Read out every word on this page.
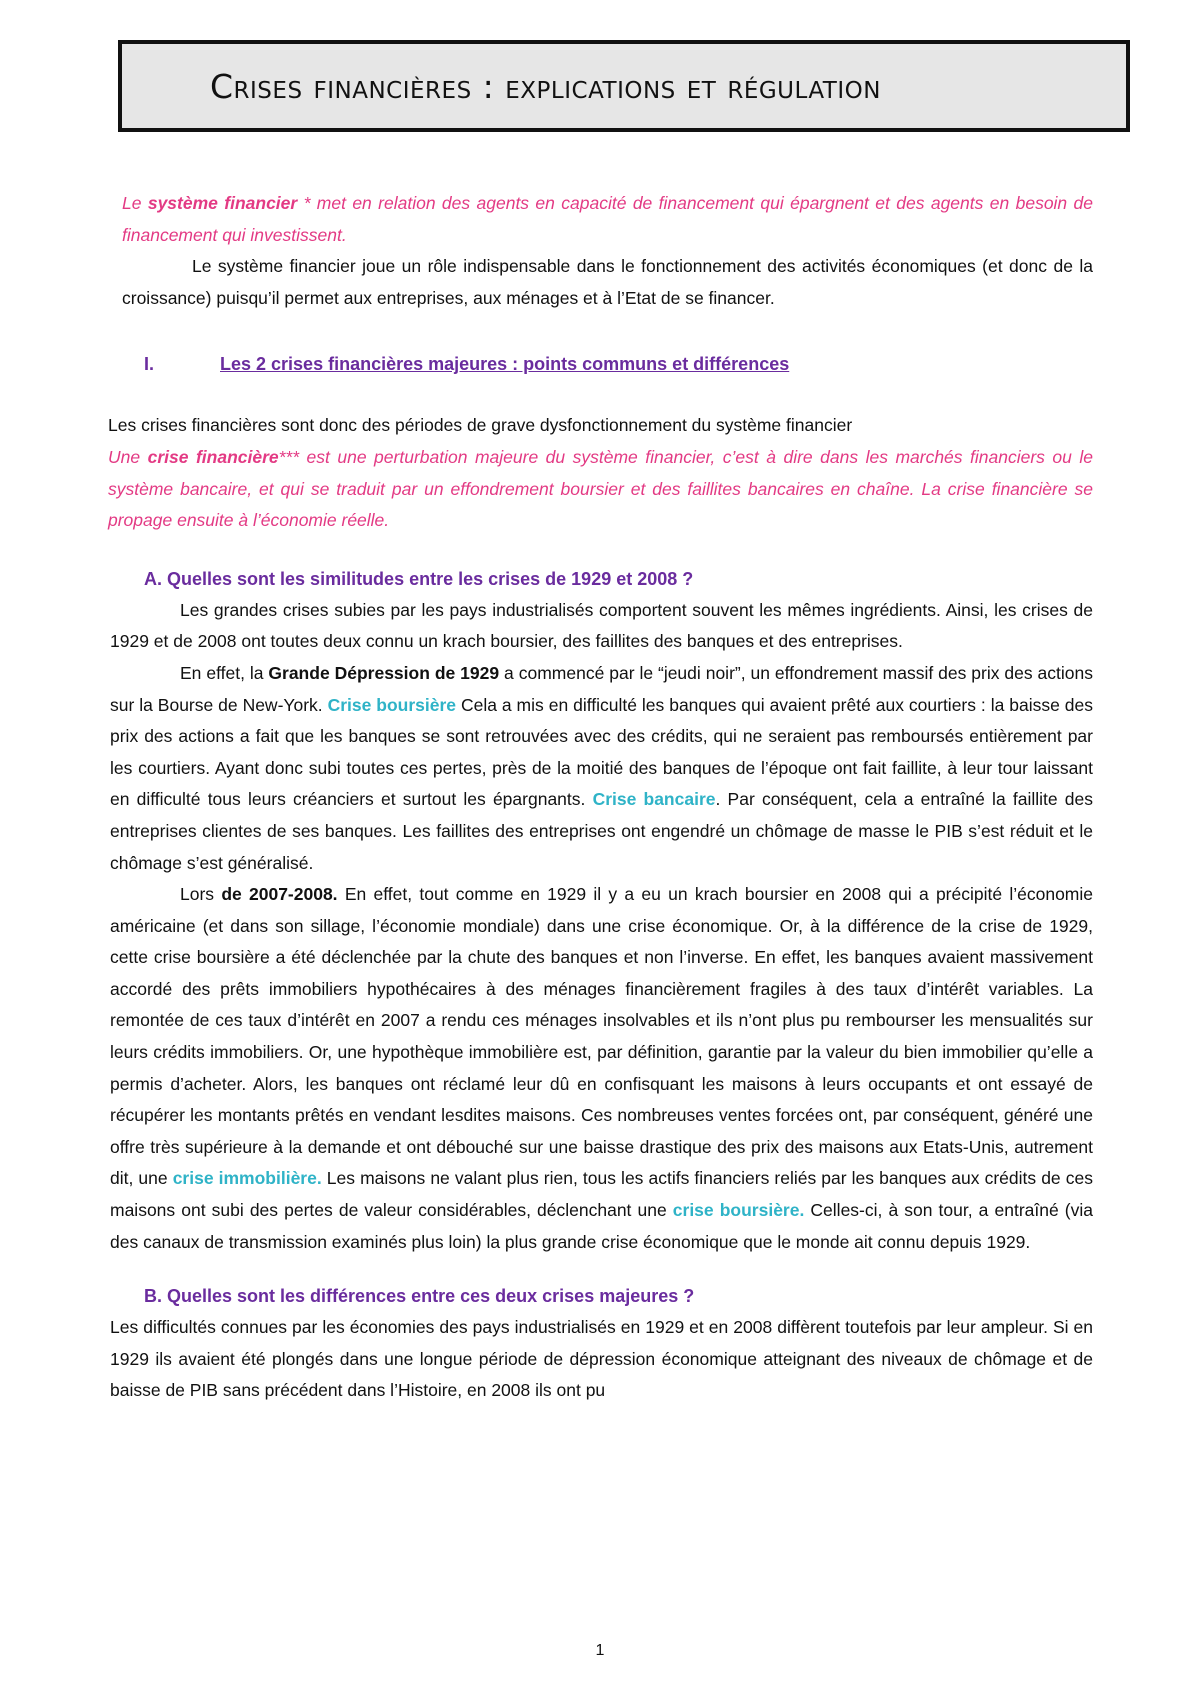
Crises financières : explications et régulation

Le système financier * met en relation des agents en capacité de financement qui épargnent et des agents en besoin de financement qui investissent.

Le système financier joue un rôle indispensable dans le fonctionnement des activités économiques (et donc de la croissance) puisqu’il permet aux entreprises, aux ménages et à l’Etat de se financer.

I.	Les 2 crises financières majeures : points communs et différences

Les crises financières sont donc des périodes de grave dysfonctionnement du système financier

Une crise financière*** est une perturbation majeure du système financier, c’est à dire dans les marchés financiers ou le système bancaire, et qui se traduit par un effondrement boursier et des faillites bancaires en chaîne. La crise financière se propage ensuite à l’économie réelle.

A. Quelles sont les similitudes entre les crises de 1929 et 2008 ?

Les grandes crises subies par les pays industrialisés comportent souvent les mêmes ingrédients. Ainsi, les crises de 1929 et de 2008 ont toutes deux connu un krach boursier, des faillites des banques et des entreprises.

En effet, la Grande Dépression de 1929 a commencé par le “jeudi noir”, un effondrement massif des prix des actions sur la Bourse de New-York. Crise boursière Cela a mis en difficulté les banques qui avaient prêté aux courtiers : la baisse des prix des actions a fait que les banques se sont retrouvées avec des crédits, qui ne seraient pas remboursés entièrement par les courtiers. Ayant donc subi toutes ces pertes, près de la moitié des banques de l’époque ont fait faillite, à leur tour laissant en difficulté tous leurs créanciers et surtout les épargnants. Crise bancaire. Par conséquent, cela a entraîné la faillite des entreprises clientes de ses banques. Les faillites des entreprises ont engendré un chômage de masse le PIB s’est réduit et le chômage s’est généralisé.

Lors de 2007-2008. En effet, tout comme en 1929 il y a eu un krach boursier en 2008 qui a précipité l’économie américaine (et dans son sillage, l’économie mondiale) dans une crise économique. Or, à la différence de la crise de 1929, cette crise boursière a été déclenchée par la chute des banques et non l’inverse. En effet, les banques avaient massivement accordé des prêts immobiliers hypothécaires à des ménages financièrement fragiles à des taux d’intérêt variables. La remontée de ces taux d’intérêt en 2007 a rendu ces ménages insolvables et ils n’ont plus pu rembourser les mensualités sur leurs crédits immobiliers. Or, une hypothèque immobilière est, par définition, garantie par la valeur du bien immobilier qu’elle a permis d’acheter. Alors, les banques ont réclamé leur dû en confisquant les maisons à leurs occupants et ont essayé de récupérer les montants prêtés en vendant lesdites maisons. Ces nombreuses ventes forcées ont, par conséquent, généré une offre très supérieure à la demande et ont débouché sur une baisse drastique des prix des maisons aux Etats-Unis, autrement dit, une crise immobilière. Les maisons ne valant plus rien, tous les actifs financiers reliés par les banques aux crédits de ces maisons ont subi des pertes de valeur considérables, déclenchant une crise boursière. Celles-ci, à son tour, a entraîné (via des canaux de transmission examinés plus loin) la plus grande crise économique que le monde ait connu depuis 1929.

B. Quelles sont les différences entre ces deux crises majeures ?

Les difficultés connues par les économies des pays industrialisés en 1929 et en 2008 diffèrent toutefois par leur ampleur. Si en 1929 ils avaient été plongés dans une longue période de dépression économique atteignant des niveaux de chômage et de baisse de PIB sans précédent dans l’Histoire, en 2008 ils ont pu

1
